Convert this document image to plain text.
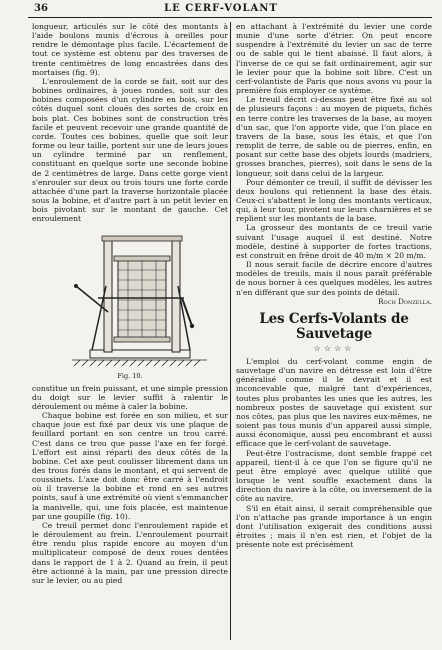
36	LE CERF-VOLANT

longueur, articulés sur le côté des montants à l'aide boulons munis d'écrous à oreilles pour rendre le démontage plus facile. L'écartement de tout ce système est obtenu par des traverses de trente centimètres de long encastrées dans des mortaises (fig. 9).

L'enroulement de la corde se fait, soit sur des bobines ordinaires, à joues rondes, soit sur des bobines composées d'un cylindre en bois, sur les côtés duquel sont cloués des sortes de croix en bois plat. Ces bobines sont de construction très facile et peuvent recevoir une grande quantité de corde. Toutes ces bobines, quelle que soit leur forme ou leur taille, portent sur une de leurs joues un cylindre terminé par un renflement, constituant en quelque sorte une seconde bobine de 2 centimètres de large. Dans cette gorge vient s'enrouler sur deux ou trois tours une forte corde attachée d'une part la traverse horizontale placée sous la bobine, et d'autre part à un petit levier en bois pivotant sur le montant de gauche. Cet enroulement

Fig. 10.

constitue un frein puissant, et une simple pression du doigt sur le levier suffit à ralentir le déroulement ou même à caler la bobine.

Chaque bobine est forée en son milieu, et sur chaque joue est fixé par deux vis une plaque de feuillard portant en son centre un trou carré. C'est dans ce trou que passe l'axe en fer forgé. L'effort est ainsi réparti des deux côtés de la bobine. Cet axe peut coulisser librement dans un des trous forés dans le montant, et qui servent de coussinets. L'axe doit donc être carré à l'endroit où il traverse la bobine et rond en ses autres points, sauf à une extrémité où vient s'emmancher la manivelle, qui, une fois placée, est maintenue par une goupille (fig. 10).

Ce treuil permet donc l'enroulement rapide et le déroulement au frein. L'enroulement pourrait être rendu plus rapide encore au moyen d'un multiplicateur composé de deux roues dentées dans le rapport de 1 à 2. Quand au frein, il peut être actionné à la main, par une pression directe sur le levier, ou au pied

en attachant à l'extrémité du levier une corde munie d'une sorte d'étrier. On peut encore suspendre à l'extrémité du levier un sac de terre ou de sable qui le tient abaissé. Il faut alors, à l'inverse de ce qui se fait ordinairement, agir sur le levier pour que la bobine soit libre. C'est un cerf-volantiste de Paris que nous avons vu pour la première fois employer ce système.

Le treuil décrit ci-dessus peut être fixé au sol de plusieurs façons : au moyen de piquets, fichés en terre contre les traverses de la base, au moyen d'un sac, que l'on apporte vide, que l'on place en travers de la base, sous les étais, et que l'on remplit de terre, de sable ou de pierres, enfin, en posant sur cette base des objets lourds (madriers, grosses branches, pierres), soit dans le sens de la longueur, soit dans celui de la largeur.

Pour démonter ce treuil, il suffit de dévisser les deux boulons qui retiennent la base des étais. Ceux-ci s'abattent le long des montants verticaux, qui, à leur tour, pivotent sur leurs charnières et se replient sur les montants de la base.

La grosseur des montants de ce treuil varie suivant l'usage auquel il est destiné. Notre modèle, destiné à supporter de fortes tractions, est construit en frêne droit de 40 m/m × 20 m/m.

Il nous serait facile de décrire encore d'autres modèles de treuils, mais il nous paraît préférable de nous borner à ces quelques modèles, les autres n'en différant que sur des points de détail.

Roch Donzella.
Les Cerfs-Volants de Sauvetage
☆☆☆☆

L'emploi du cerf-volant comme engin de sauvetage d'un navire en détresse est loin d'être généralisé comme il le devrait et il est inconcevable que, malgré tant d'expériences, toutes plus probantes les unes que les autres, les nombreux postes de sauvetage qui existent sur nos côtes, pas plus que les navires eux-mêmes, ne soient pas tous munis d'un appareil aussi simple, aussi économique, aussi peu encombrant et aussi efficace que le cerf-volant de sauvetage.

Peut-être l'ostracisme, dont semble frappé cet appareil, tient-il à ce que l'on se figure qu'il ne peut être employé avec quelque utilité que lorsque le vent souffle exactement dans la direction du navire à la côte, ou inversement de la côte au navire.

S'il en était ainsi, il serait compréhensible que l'on n'attache pas grande importance à un engin dont l'utilisation exigerait des conditions aussi étroites ; mais il n'en est rien, et l'objet de la présente note est précisément
